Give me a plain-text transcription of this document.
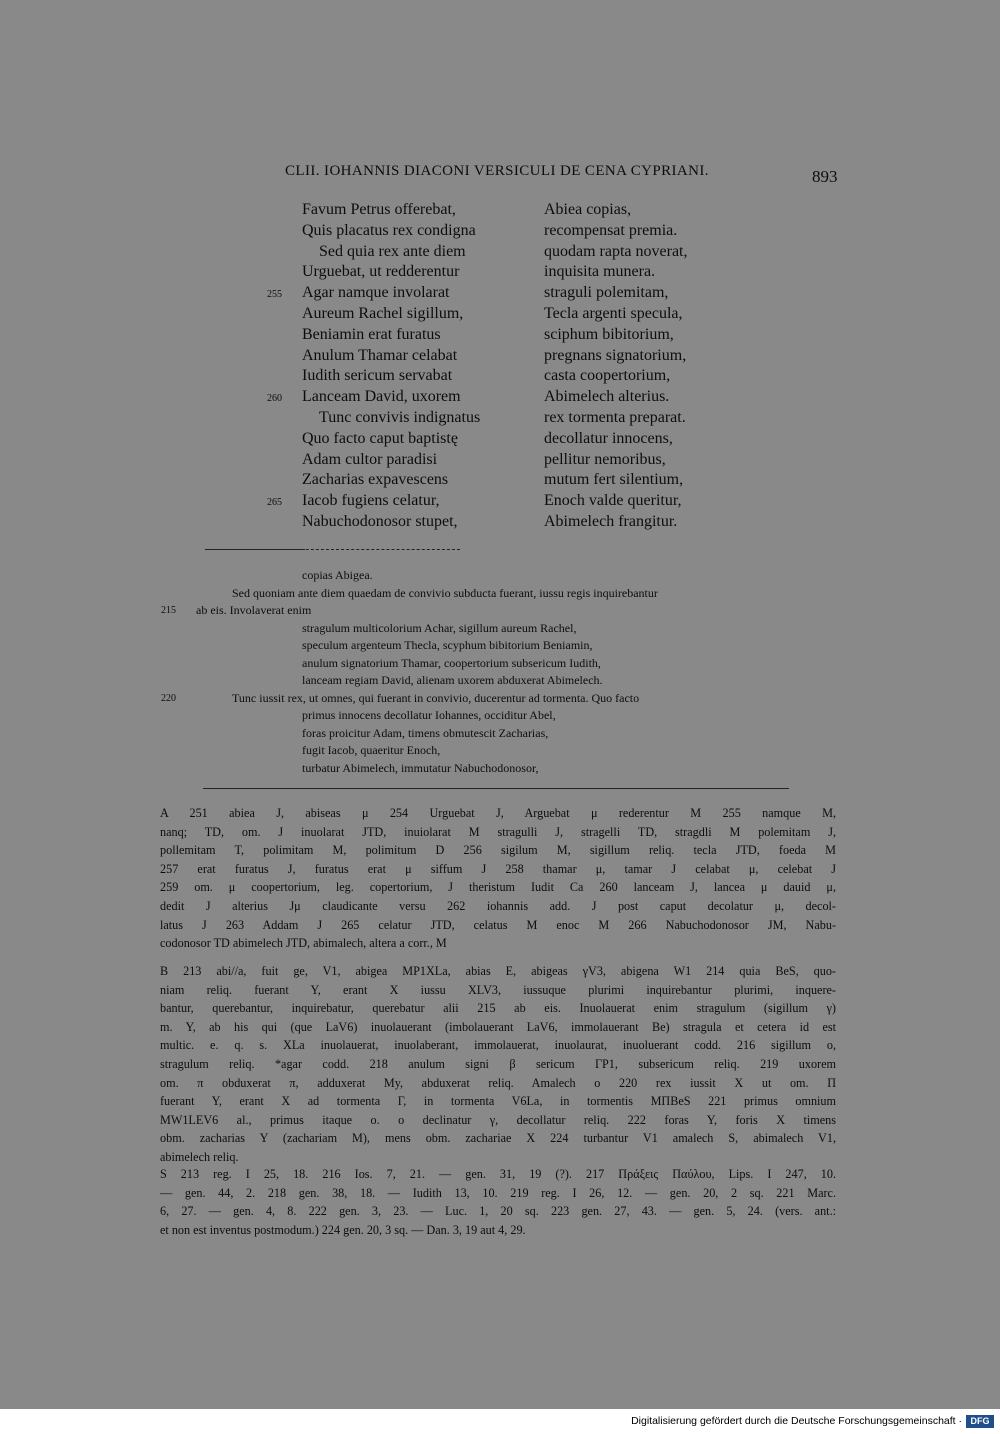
CLII. IOHANNIS DIACONI VERSICULI DE CENA CYPRIANI.	893
Favum Petrus offerebat,	Abiea copias,
Quis placatus rex condigna	recompensat premia.
Sed quia rex ante diem	quodam rapta noverat,
Urguebat, ut redderentur	inquisita munera.
Agar namque involarat	straguli polemitam,
255
Aureum Rachel sigillum,	Tecla argenti specula,
Beniamin erat furatus	sciphum bibitorium,
Anulum Thamar celabat	pregnans signatorium,
Iudith sericum servabat	casta coopertorium,
Lanceam David, uxorem	Abimelech alterius.
260
Tunc convivis indignatus	rex tormenta preparat.
Quo facto caput baptistę	decollatur innocens,
Adam cultor paradisi	pellitur nemoribus,
Zacharias expavescens	mutum fert silentium,
Iacob fugiens celatur,	Enoch valde queritur,
265
Nabuchodonosor stupet,	Abimelech frangitur.
copias Abigea.
Sed quoniam ante diem quaedam de convivio subducta fuerant, iussu regis inquirebantur
ab eis. Involaverat enim
215
stragulum multicolorium Achar, sigillum aureum Rachel,
speculum argenteum Thecla, scyphum bibitorium Beniamin,
anulum signatorium Thamar, coopertorium subsericum Iudith,
lanceam regiam David, alienam uxorem abduxerat Abimelech.
Tunc iussit rex, ut omnes, qui fuerant in convivio, ducerentur ad tormenta. Quo facto
220
primus innocens decollatur Iohannes, occiditur Abel,
foras proicitur Adam, timens obmutescit Zacharias,
fugit Iacob, quaeritur Enoch,
turbatur Abimelech, immutatur Nabuchodonosor,

A 251 abiea J, abiseas μ 254 Urguebat J, Arguebat μ rederentur M 255 namque M,

nanq; TD, om. J inuolarat JTD, inuiolarat M stragulli J, stragelli TD, stragdli M polemitam J,

pollemitam T, polimitam M, polimitum D 256 sigilum M, sigillum reliq. tecla JTD, foeda M

257 erat furatus J, furatus erat μ siffum J 258 thamar μ, tamar J celabat μ, celebat J

259 om. μ coopertorium, leg. copertorium, J theristum Iudit Ca 260 lanceam J, lancea μ dauid μ,

dedit J alterius Jμ claudicante versu 262 iohannis add. J post caput decolatur μ, decol-

latus J 263 Addam J 265 celatur JTD, celatus M enoc M 266 Nabuchodonosor JM, Nabu-

codonosor TD abimelech JTD, abimalech, altera a corr., M

B 213 abi//a, fuit ge, V1, abigea MP1XLa, abias E, abigeas γV3, abigena W1 214 quia BeS, quo-

niam reliq. fuerant Y, erant X iussu XLV3, iussuque plurimi inquirebantur plurimi, inquere-

bantur, querebantur, inquirebatur, querebatur alii 215 ab eis. Inuolauerat enim stragulum (sigillum γ)

m. Y, ab his qui (que LaV6) inuolauerant (imbolauerant LaV6, immolauerant Be) stragula et cetera id est

multic. e. q. s. XLa inuolauerat, inuolaberant, immolauerat, inuolaurat, inuoluerant codd. 216 sigillum o,

stragulum reliq. *agar codd. 218 anulum signi β sericum ΓP1, subsericum reliq. 219 uxorem

om. π obduxerat π, adduxerat My, abduxerat reliq. Amalech o 220 rex iussit X ut om. Π

fuerant Y, erant X ad tormenta Γ, in tormenta V6La, in tormentis MΠBeS 221 primus omnium

MW1LEV6 al., primus itaque o. o declinatur γ, decollatur reliq. 222 foras Y, foris X timens

obm. zacharias Y (zachariam M), mens obm. zachariae X 224 turbantur V1 amalech S, abimalech V1,

abimelech reliq.

S 213 reg. I 25, 18. 216 Ios. 7, 21. — gen. 31, 19 (?). 217 Πράξεις Παύλου, Lips. I 247, 10.

— gen. 44, 2. 218 gen. 38, 18. — Iudith 13, 10. 219 reg. I 26, 12. — gen. 20, 2 sq. 221 Marc.

6, 27. — gen. 4, 8. 222 gen. 3, 23. — Luc. 1, 20 sq. 223 gen. 27, 43. — gen. 5, 24. (vers. ant.:

et non est inventus postmodum.) 224 gen. 20, 3 sq. — Dan. 3, 19 aut 4, 29.

Digitalisierung gefördert durch die Deutsche Forschungsgemeinschaft · DFG
